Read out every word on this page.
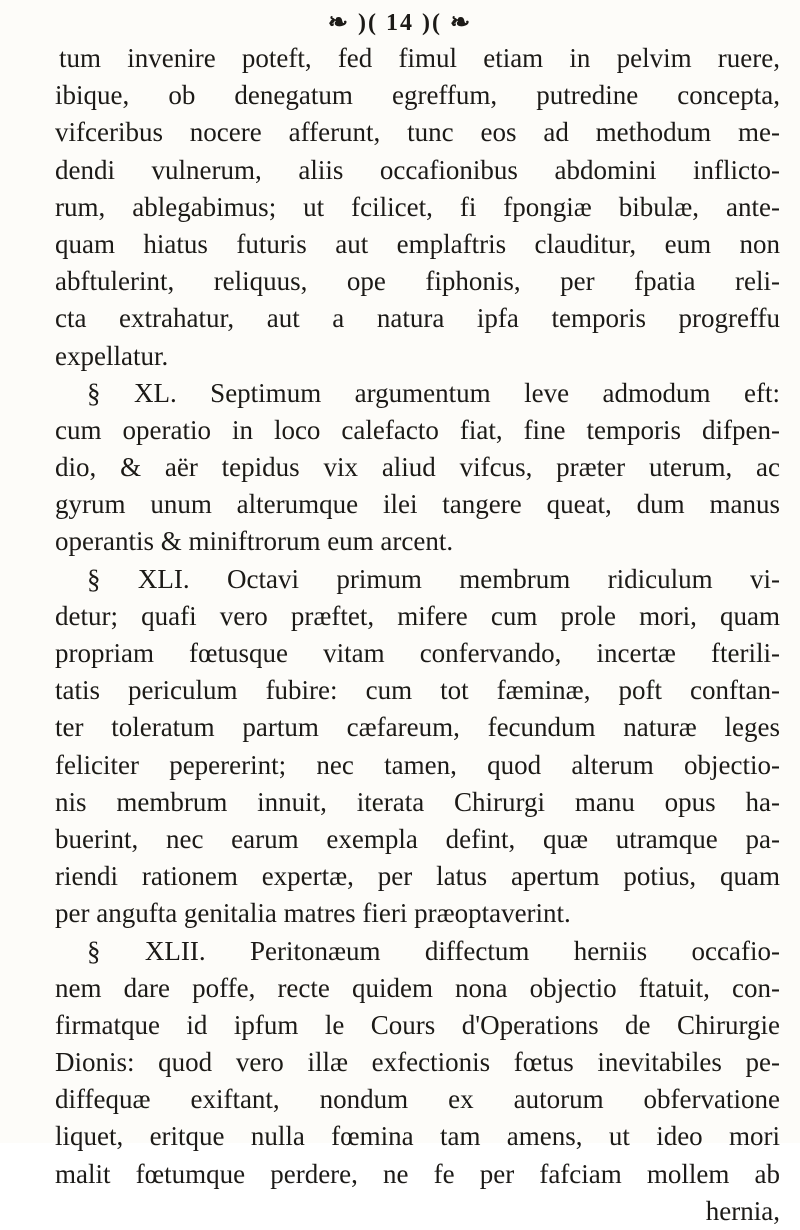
❧ )( 14 )( ❧
tum invenire poteft, fed fimul etiam in pelvim ruere,
ibique, ob denegatum egreffum, putredine concepta,
vifceribus nocere afferunt, tunc eos ad methodum me-
dendi vulnerum, aliis occafionibus abdomini inflicto-
rum, ablegabimus; ut fcilicet, fi fpongiæ bibulæ, ante-
quam hiatus futuris aut emplaftris clauditur, eum non
abftulerint, reliquus, ope fiphonis, per fpatia reli-
cta extrahatur, aut a natura ipfa temporis progreffu
expellatur.
§ XL. Septimum argumentum leve admodum eft:
cum operatio in loco calefacto fiat, fine temporis difpen-
dio, & aër tepidus vix aliud vifcus, præter uterum, ac
gyrum unum alterumque ilei tangere queat, dum manus
operantis & miniftrorum eum arcent.
§ XLI. Octavi primum membrum ridiculum vi-
detur; quafi vero præftet, mifere cum prole mori, quam
propriam fœtusque vitam confervando, incertæ fterili-
tatis periculum fubire: cum tot fæminæ, poft conftan-
ter toleratum partum cæfareum, fecundum naturæ leges
feliciter pepererint; nec tamen, quod alterum objectio-
nis membrum innuit, iterata Chirurgi manu opus ha-
buerint, nec earum exempla defint, quæ utramque pa-
riendi rationem expertæ, per latus apertum potius, quam
per angufta genitalia matres fieri præoptaverint.
§ XLII. Peritonæum diffectum herniis occafio-
nem dare poffe, recte quidem nona objectio ftatuit, con-
firmatque id ipfum le Cours d'Operations de Chirurgie
Dionis: quod vero illæ exfectionis fœtus inevitabiles pe-
diffequæ exiftant, nondum ex autorum obfervatione
liquet, eritque nulla fœmina tam amens, ut ideo mori
malit fœtumque perdere, ne fe per fafciam mollem ab
hernia,
